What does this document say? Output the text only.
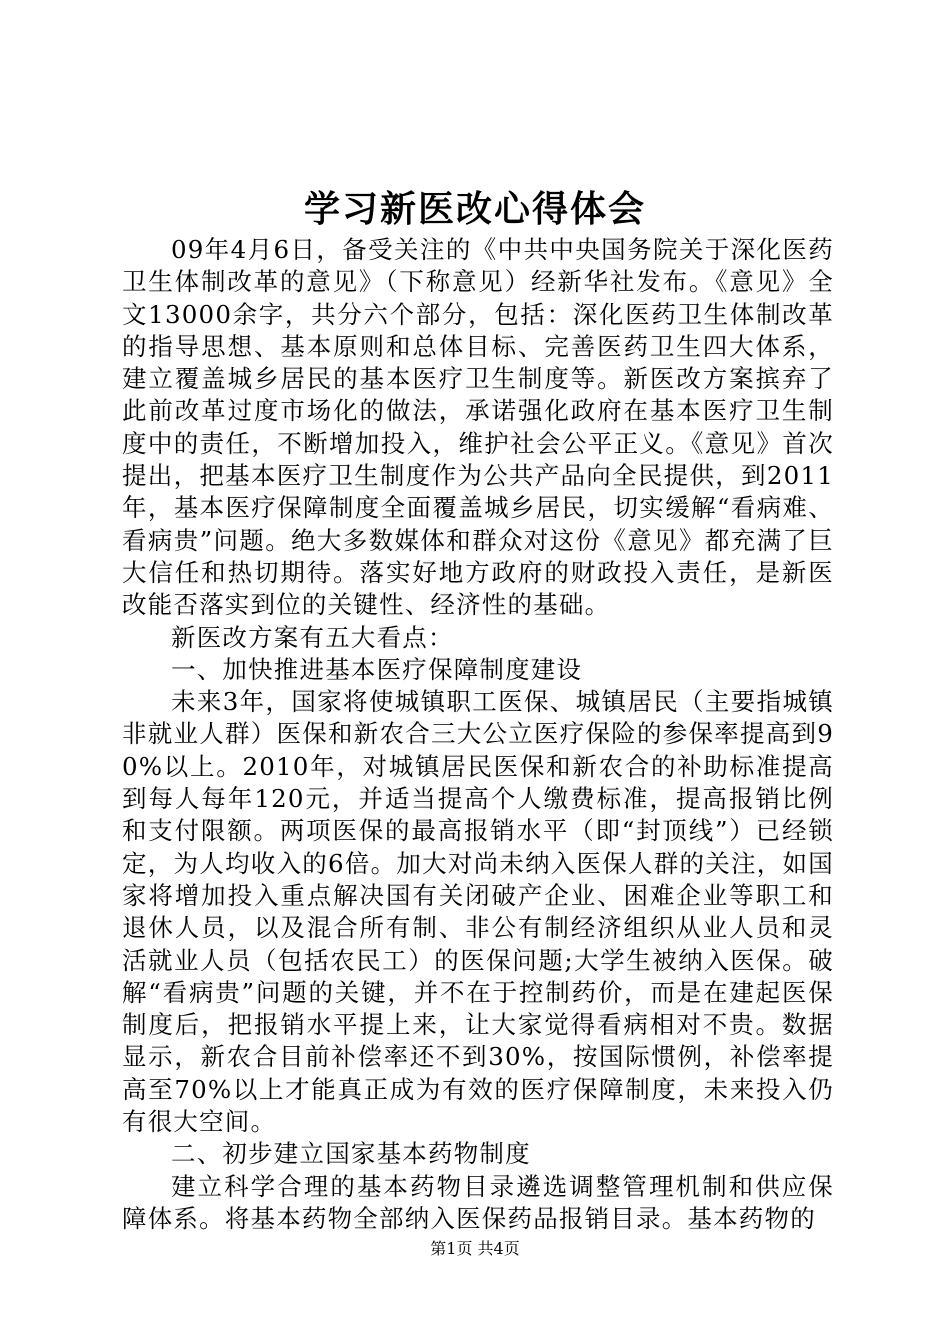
学习新医改心得体会

09年4月6日，备受关注的《中共中央国务院关于深化医药卫生体制改革的意见》（下称意见）经新华社发布。《意见》全文13000余字，共分六个部分，包括：深化医药卫生体制改革的指导思想、基本原则和总体目标、完善医药卫生四大体系，建立覆盖城乡居民的基本医疗卫生制度等。新医改方案摈弃了此前改革过度市场化的做法，承诺强化政府在基本医疗卫生制度中的责任，不断增加投入，维护社会公平正义。《意见》首次提出，把基本医疗卫生制度作为公共产品向全民提供，到2011年，基本医疗保障制度全面覆盖城乡居民，切实缓解“看病难、看病贵”问题。绝大多数媒体和群众对这份《意见》都充满了巨大信任和热切期待。落实好地方政府的财政投入责任，是新医改能否落实到位的关键性、经济性的基础。

新医改方案有五大看点：

一、加快推进基本医疗保障制度建设

未来3年，国家将使城镇职工医保、城镇居民（主要指城镇非就业人群）医保和新农合三大公立医疗保险的参保率提高到90%以上。2010年，对城镇居民医保和新农合的补助标准提高到每人每年120元，并适当提高个人缴费标准，提高报销比例和支付限额。两项医保的最高报销水平（即“封顶线”）已经锁定，为人均收入的6倍。加大对尚未纳入医保人群的关注，如国家将增加投入重点解决国有关闭破产企业、困难企业等职工和退休人员，以及混合所有制、非公有制经济组织从业人员和灵活就业人员（包括农民工）的医保问题;大学生被纳入医保。破解“看病贵”问题的关键，并不在于控制药价，而是在建起医保制度后，把报销水平提上来，让大家觉得看病相对不贵。数据显示，新农合目前补偿率还不到30%，按国际惯例，补偿率提高至70%以上才能真正成为有效的医疗保障制度，未来投入仍有很大空间。

二、初步建立国家基本药物制度

建立科学合理的基本药物目录遴选调整管理机制和供应保障体系。将基本药物全部纳入医保药品报销目录。基本药物的

第1页 共4页
